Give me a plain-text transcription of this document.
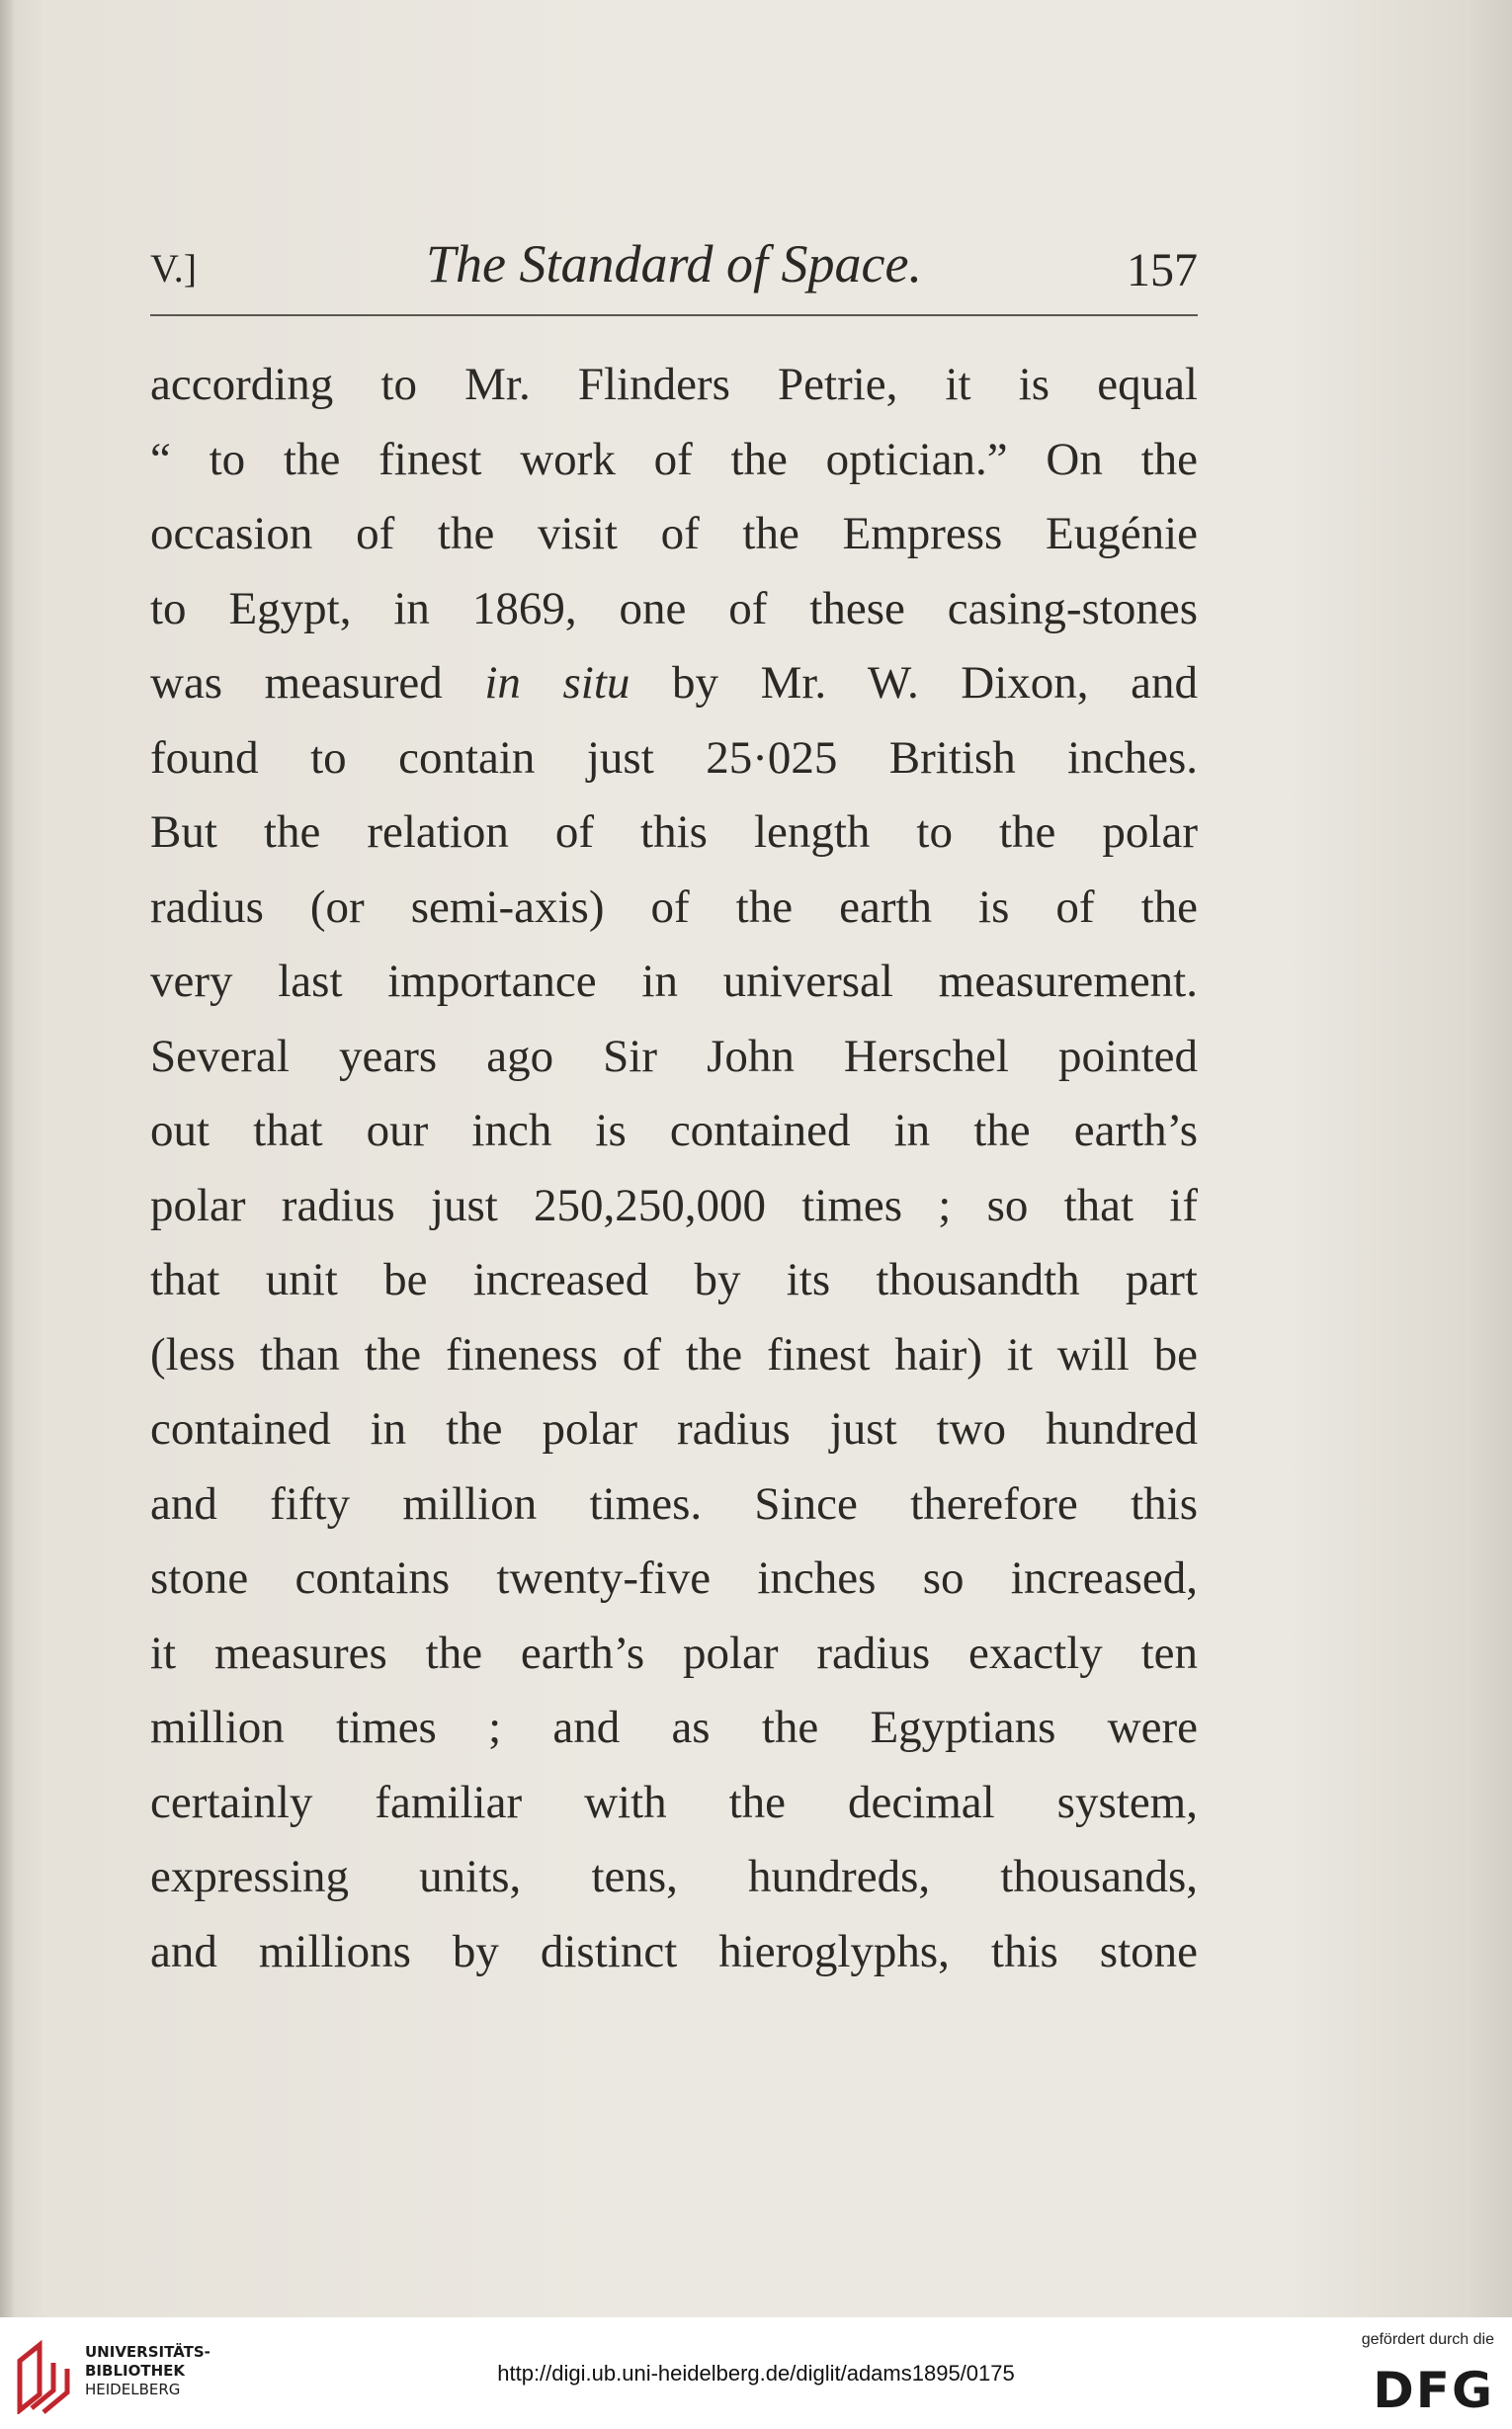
V.]	The Standard of Space.	157
according to Mr. Flinders Petrie, it is equal
“ to the finest work of the optician.” On the
occasion of the visit of the Empress Eugénie
to Egypt, in 1869, one of these casing-stones
was measured in situ by Mr. W. Dixon, and
found to contain just 25·025 British inches.
But the relation of this length to the polar
radius (or semi-axis) of the earth is of the
very last importance in universal measurement.
Several years ago Sir John Herschel pointed
out that our inch is contained in the earth’s
polar radius just 250,250,000 times ; so that if
that unit be increased by its thousandth part
(less than the fineness of the finest hair) it will be
contained in the polar radius just two hundred
and fifty million times. Since therefore this
stone contains twenty-five inches so increased,
it measures the earth’s polar radius exactly ten
million times ; and as the Egyptians were
certainly familiar with the decimal system,
expressing units, tens, hundreds, thousands,
and millions by distinct hieroglyphs, this stone
UNIVERSITÄTS-
BIBLIOTHEK
HEIDELBERG
http://digi.ub.uni-heidelberg.de/diglit/adams1895/0175
gefördert durch die
DFG
